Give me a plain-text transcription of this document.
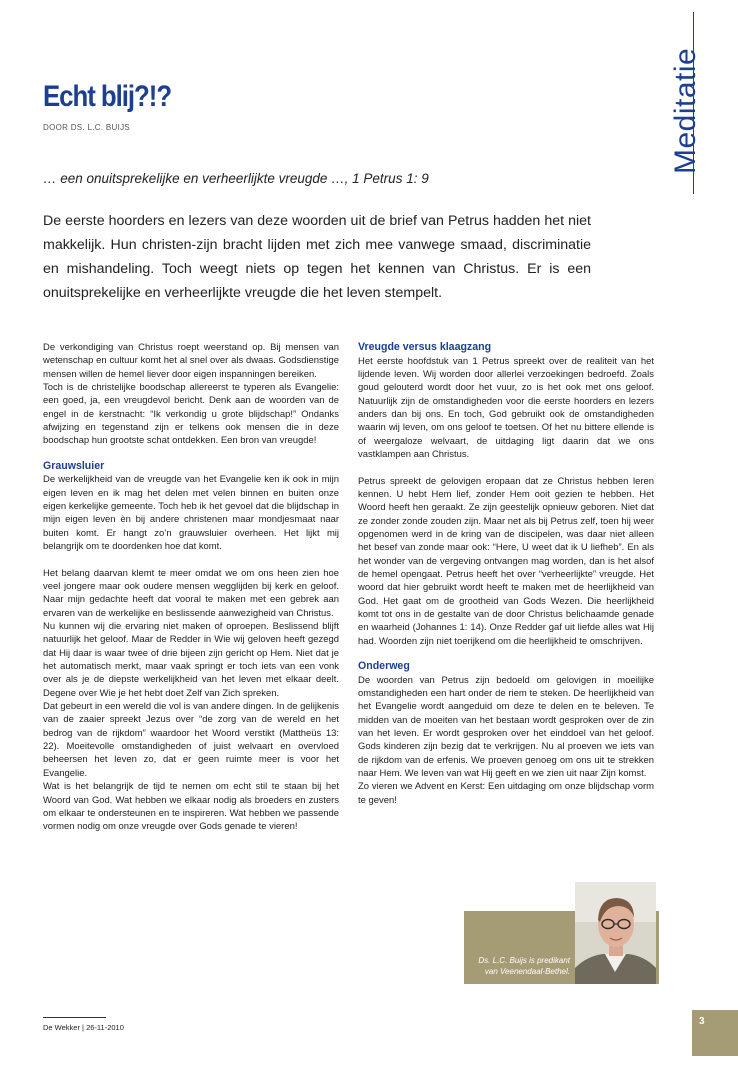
Echt blij?!?
DOOR DS. L.C. BUIJS
… een onuitsprekelijke en verheerlijkte vreugde …, 1 Petrus 1: 9

De eerste hoorders en lezers van deze woorden uit de brief van Petrus hadden het niet makkelijk. Hun christen-zijn bracht lijden met zich mee vanwege smaad, discriminatie en mishandeling. Toch weegt niets op tegen het kennen van Christus. Er is een onuitsprekelijke en verheerlijkte vreugde die het leven stempelt.

Meditatie

De verkondiging van Christus roept weerstand op. Bij mensen van wetenschap en cultuur komt het al snel over als dwaas. Godsdienstige mensen willen de hemel liever door eigen inspanningen bereiken.

Toch is de christelijke boodschap allereerst te typeren als Evangelie: een goed, ja, een vreugdevol bericht. Denk aan de woorden van de engel in de kerstnacht: “Ik verkondig u grote blijdschap!” Ondanks afwijzing en tegenstand zijn er telkens ook mensen die in deze boodschap hun grootste schat ontdekken. Een bron van vreugde!

Grauwsluier

De werkelijkheid van de vreugde van het Evangelie ken ik ook in mijn eigen leven en ik mag het delen met velen binnen en buiten onze eigen kerkelijke gemeente. Toch heb ik het gevoel dat die blijdschap in mijn eigen leven èn bij andere christenen maar mondjesmaat naar buiten komt. Er hangt zo’n grauwsluier overheen. Het lijkt mij belangrijk om te doordenken hoe dat komt.

Het belang daarvan klemt te meer omdat we om ons heen zien hoe veel jongere maar ook oudere mensen wegglijden bij kerk en geloof. Naar mijn gedachte heeft dat vooral te maken met een gebrek aan ervaren van de werkelijke en beslissende aanwezigheid van Christus.

Nu kunnen wij die ervaring niet maken of oproepen. Beslissend blijft natuurlijk het geloof. Maar de Redder in Wie wij geloven heeft gezegd dat Hij daar is waar twee of drie bijeen zijn gericht op Hem. Niet dat je het automatisch merkt, maar vaak springt er toch iets van een vonk over als je de diepste werkelijkheid van het leven met elkaar deelt. Degene over Wie je het hebt doet Zelf van Zich spreken.

Dat gebeurt in een wereld die vol is van andere dingen. In de gelijkenis van de zaaier spreekt Jezus over “de zorg van de wereld en het bedrog van de rijkdom” waardoor het Woord verstikt (Mattheüs 13: 22). Moeitevolle omstandigheden of juist welvaart en overvloed beheersen het leven zo, dat er geen ruimte meer is voor het Evangelie.

Wat is het belangrijk de tijd te nemen om echt stil te staan bij het Woord van God. Wat hebben we elkaar nodig als broeders en zusters om elkaar te ondersteunen en te inspireren. Wat hebben we passende vormen nodig om onze vreugde over Gods genade te vieren!

Vreugde versus klaagzang

Het eerste hoofdstuk van 1 Petrus spreekt over de realiteit van het lijdende leven. Wij worden door allerlei verzoekingen bedroefd. Zoals goud gelouterd wordt door het vuur, zo is het ook met ons geloof. Natuurlijk zijn de omstandigheden voor die eerste hoorders en lezers anders dan bij ons. En toch, God gebruikt ook de omstandigheden waarin wij leven, om ons geloof te toetsen. Of het nu bittere ellende is of weergaloze welvaart, de uitdaging ligt daarin dat we ons vastklampen aan Christus.

Petrus spreekt de gelovigen eropaan dat ze Christus hebben leren kennen. U hebt Hem lief, zonder Hem ooit gezien te hebben. Het Woord heeft hen geraakt. Ze zijn geestelijk opnieuw geboren. Niet dat ze zonder zonde zouden zijn. Maar net als bij Petrus zelf, toen hij weer opgenomen werd in de kring van de discipelen, was daar niet alleen het besef van zonde maar ook: “Here, U weet dat ik U liefheb”. En als het wonder van de vergeving ontvangen mag worden, dan is het alsof de hemel opengaat. Petrus heeft het over “verheerlijkte” vreugde. Het woord dat hier gebruikt wordt heeft te maken met de heerlijkheid van God. Het gaat om de grootheid van Gods Wezen. Die heerlijkheid komt tot ons in de gestalte van de door Christus belichaamde genade en waarheid (Johannes 1: 14). Onze Redder gaf uit liefde alles wat Hij had. Woorden zijn niet toerijkend om die heerlijkheid te omschrijven.

Onderweg

De woorden van Petrus zijn bedoeld om gelovigen in moeilijke omstandigheden een hart onder de riem te steken. De heerlijkheid van het Evangelie wordt aangeduid om deze te delen en te beleven. Te midden van de moeiten van het bestaan wordt gesproken over de zin van het leven. Er wordt gesproken over het einddoel van het geloof. Gods kinderen zijn bezig dat te verkrijgen. Nu al proeven we iets van de rijkdom van de erfenis. We proeven genoeg om ons uit te strekken naar Hem. We leven van wat Hij geeft en we zien uit naar Zijn komst.

Zo vieren we Advent en Kerst: Een uitdaging om onze blijdschap vorm te geven!

Ds. L.C. Buijs is predikant van Veenendaal-Bethel.
De Wekker | 26-11-2010
3
